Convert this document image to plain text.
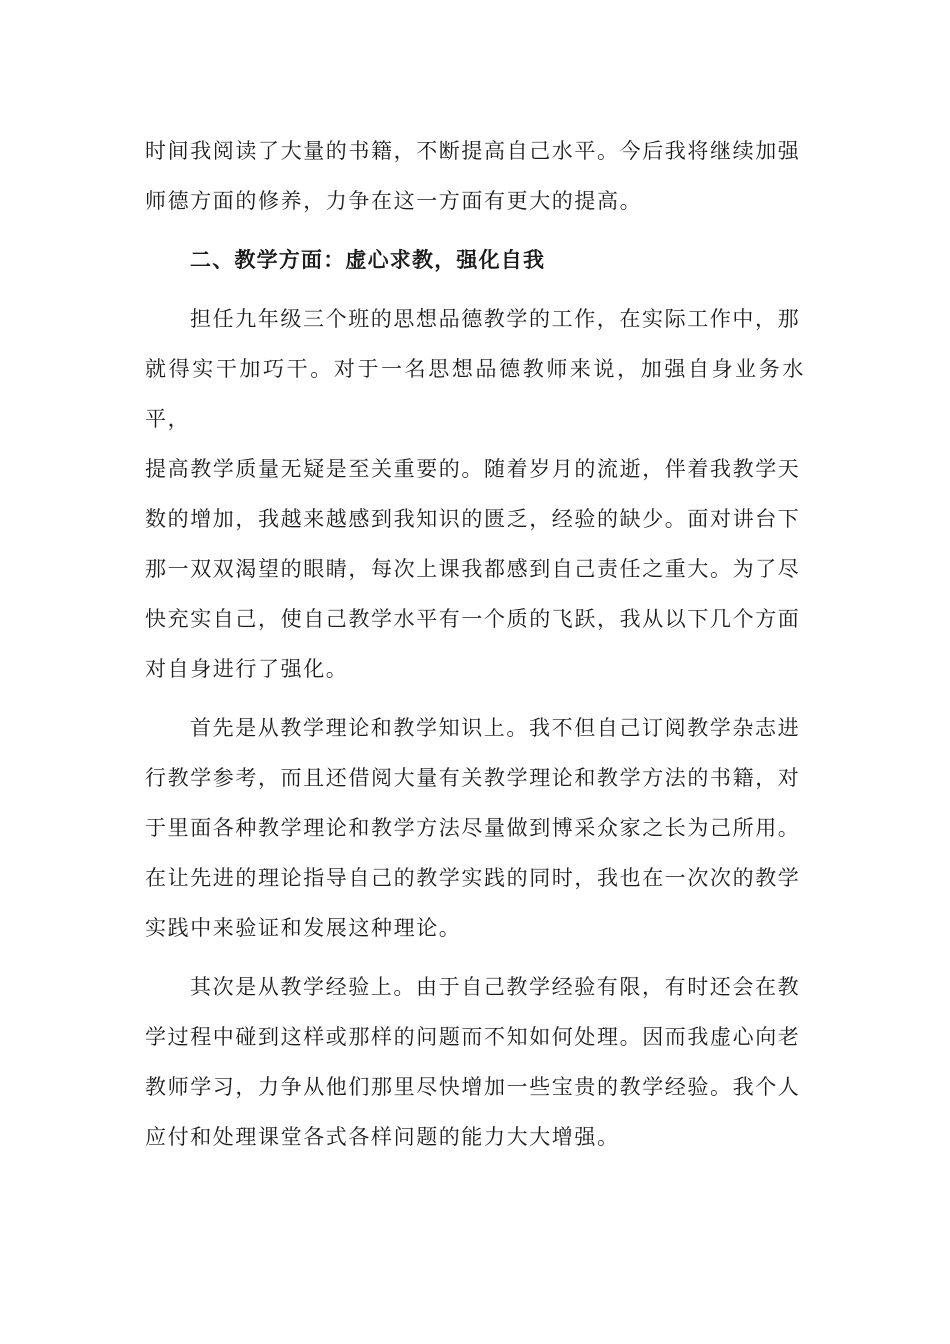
时间我阅读了大量的书籍，不断提高自己水平。今后我将继续加强
师德方面的修养，力争在这一方面有更大的提高。

二、教学方面：虚心求教，强化自我

担任九年级三个班的思想品德教学的工作，在实际工作中，那
就得实干加巧干。对于一名思想品德教师来说，加强自身业务水平，
提高教学质量无疑是至关重要的。随着岁月的流逝，伴着我教学天
数的增加，我越来越感到我知识的匮乏，经验的缺少。面对讲台下
那一双双渴望的眼睛，每次上课我都感到自己责任之重大。为了尽
快充实自己，使自己教学水平有一个质的飞跃，我从以下几个方面
对自身进行了强化。

首先是从教学理论和教学知识上。我不但自己订阅教学杂志进
行教学参考，而且还借阅大量有关教学理论和教学方法的书籍，对
于里面各种教学理论和教学方法尽量做到博采众家之长为己所用。
在让先进的理论指导自己的教学实践的同时，我也在一次次的教学
实践中来验证和发展这种理论。

其次是从教学经验上。由于自己教学经验有限，有时还会在教
学过程中碰到这样或那样的问题而不知如何处理。因而我虚心向老
教师学习，力争从他们那里尽快增加一些宝贵的教学经验。我个人
应付和处理课堂各式各样问题的能力大大增强。
